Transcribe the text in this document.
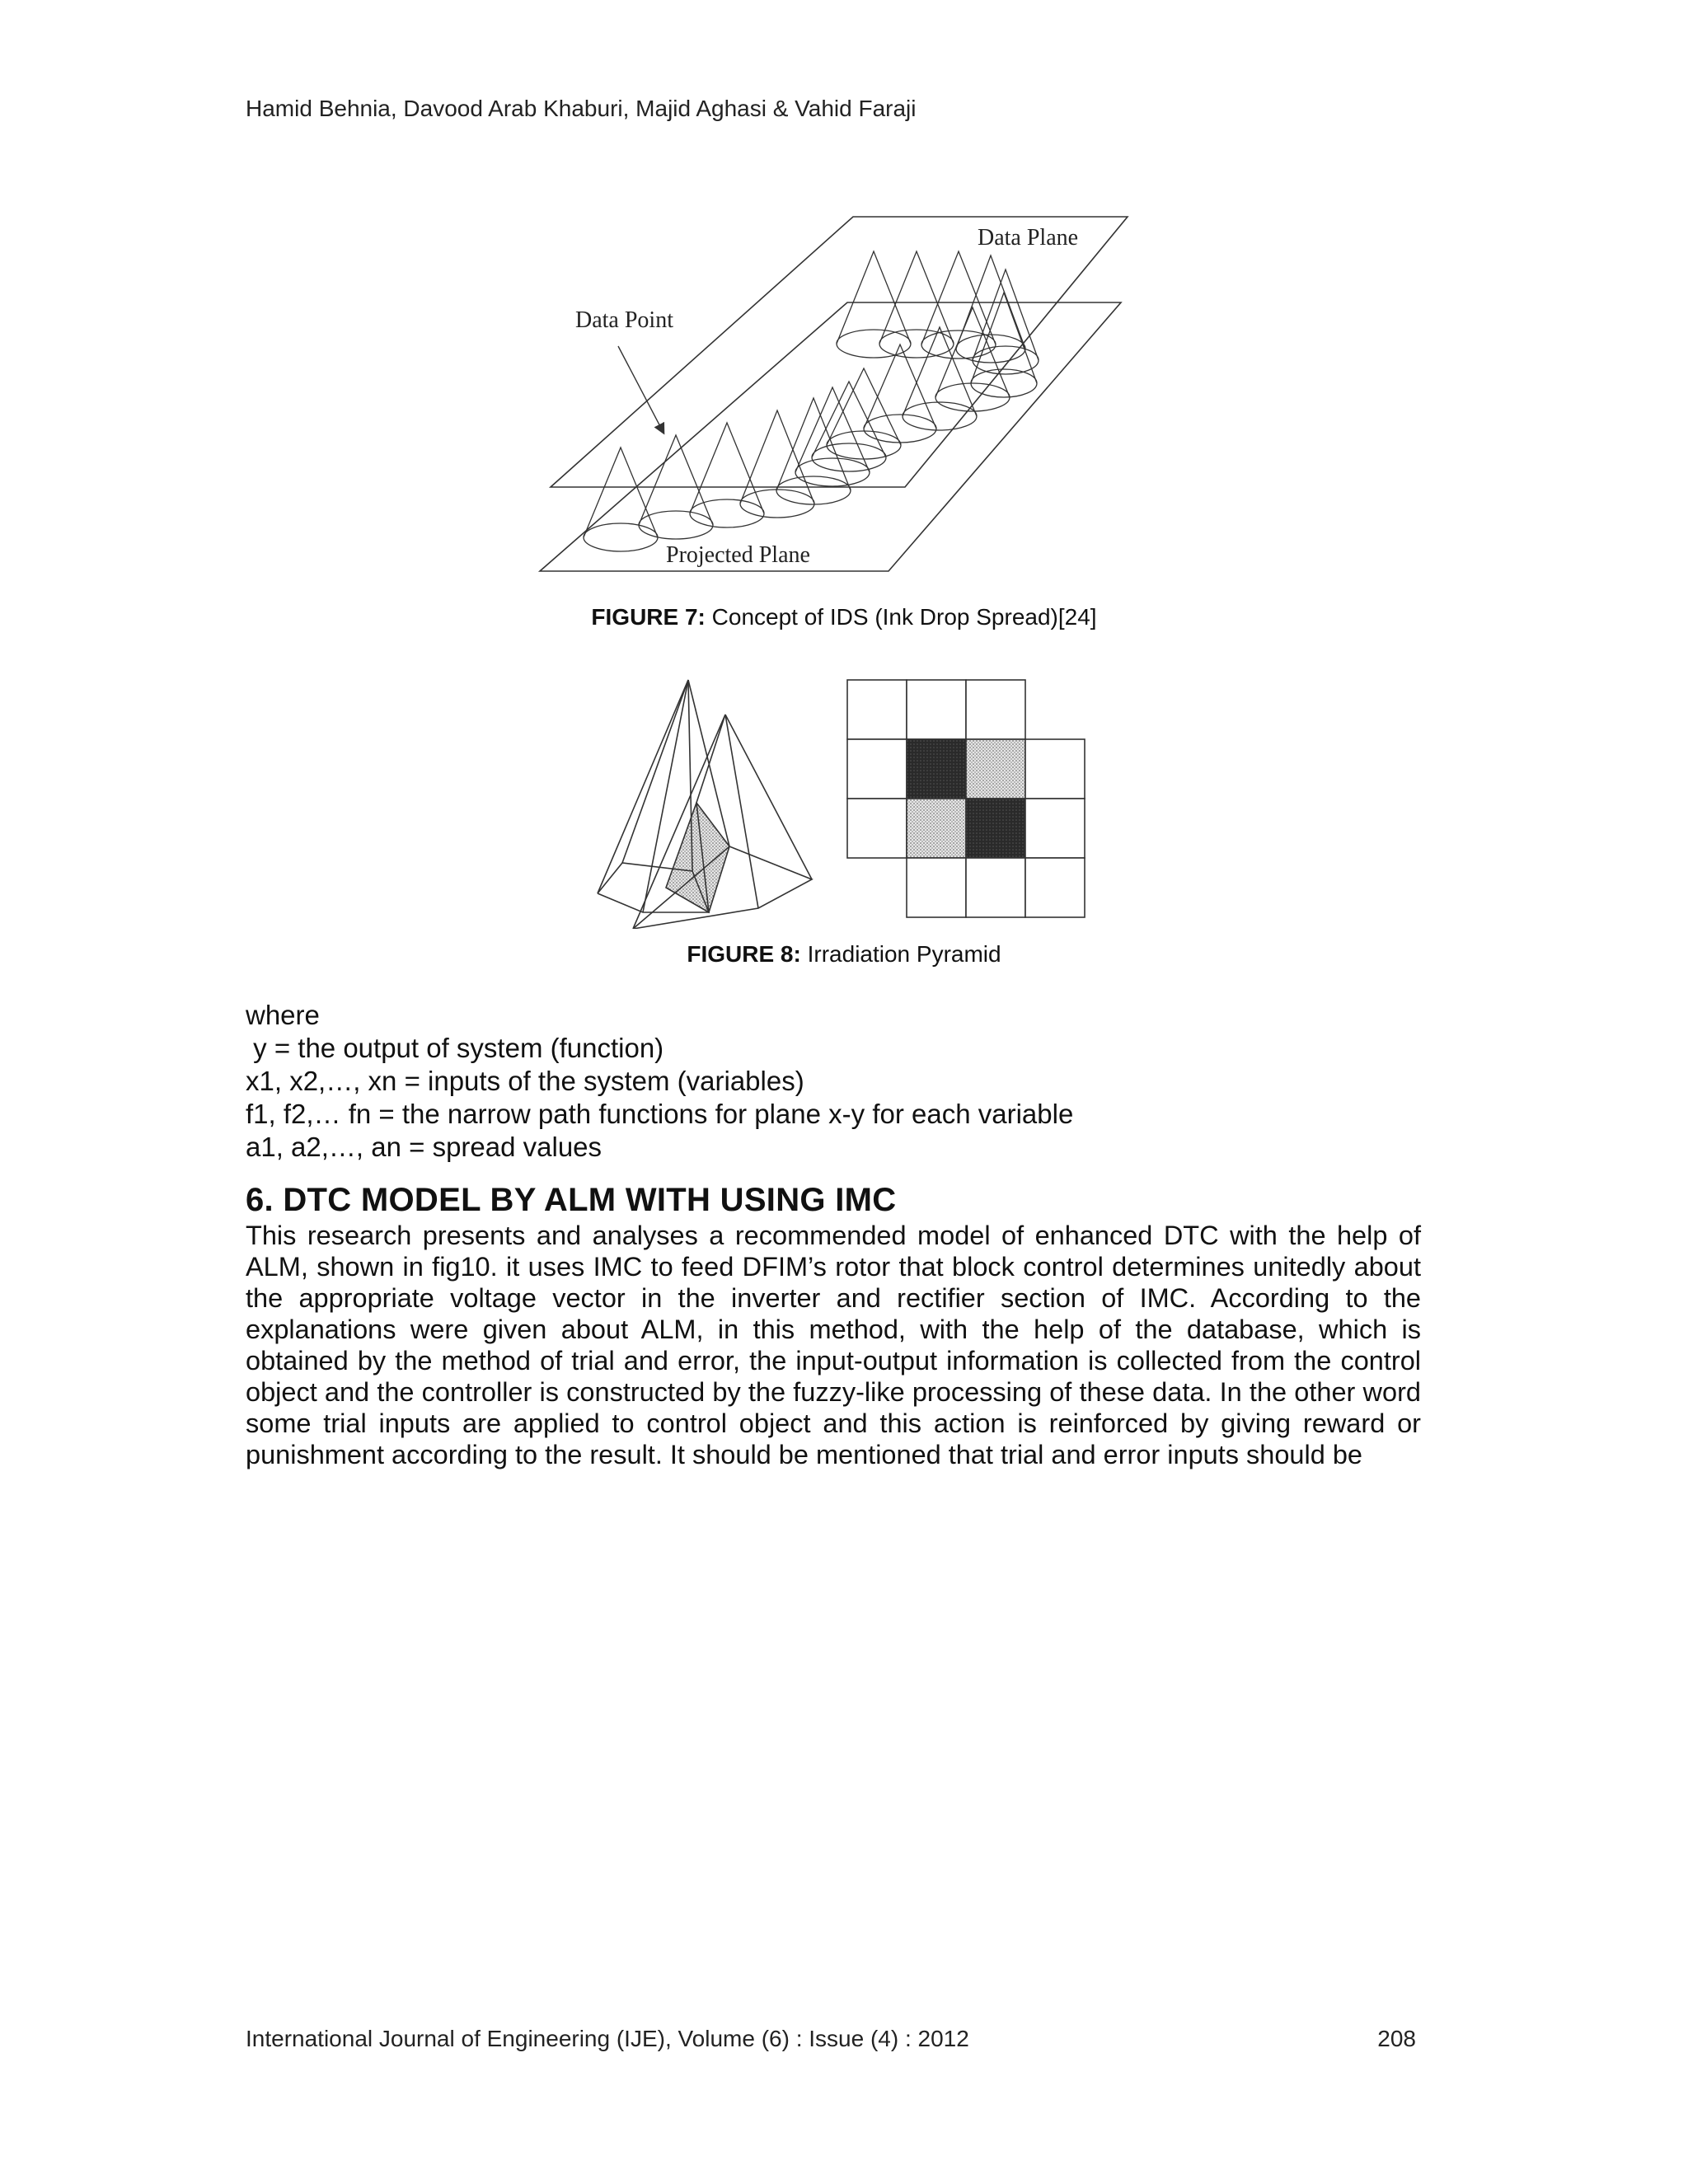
Hamid Behnia, Davood Arab Khaburi, Majid Aghasi & Vahid Faraji
Data Plane
Data Point
Projected Plane
FIGURE 7: Concept of IDS (Ink Drop Spread)[24]
FIGURE 8: Irradiation Pyramid
where
y = the output of system (function)
x1, x2,…, xn = inputs of the system (variables)
f1, f2,… fn = the narrow path functions for plane x-y for each variable
a1, a2,…, an = spread values
6. DTC MODEL BY ALM WITH USING IMC
This research presents and analyses a recommended model of enhanced DTC with the help of ALM, shown in fig10. it uses IMC to feed DFIM’s rotor that block control determines unitedly about the appropriate voltage vector in the inverter and rectifier section of IMC. According to the explanations were given about ALM, in this method, with the help of the database, which is obtained by the method of trial and error, the input-output information is collected from the control object and the controller is constructed by the fuzzy-like processing of these data. In the other word some trial inputs are applied to control object and this action is reinforced by giving reward or punishment according to the result. It should be mentioned that trial and error inputs should be
International Journal of Engineering (IJE), Volume (6) : Issue (4) : 2012	208
